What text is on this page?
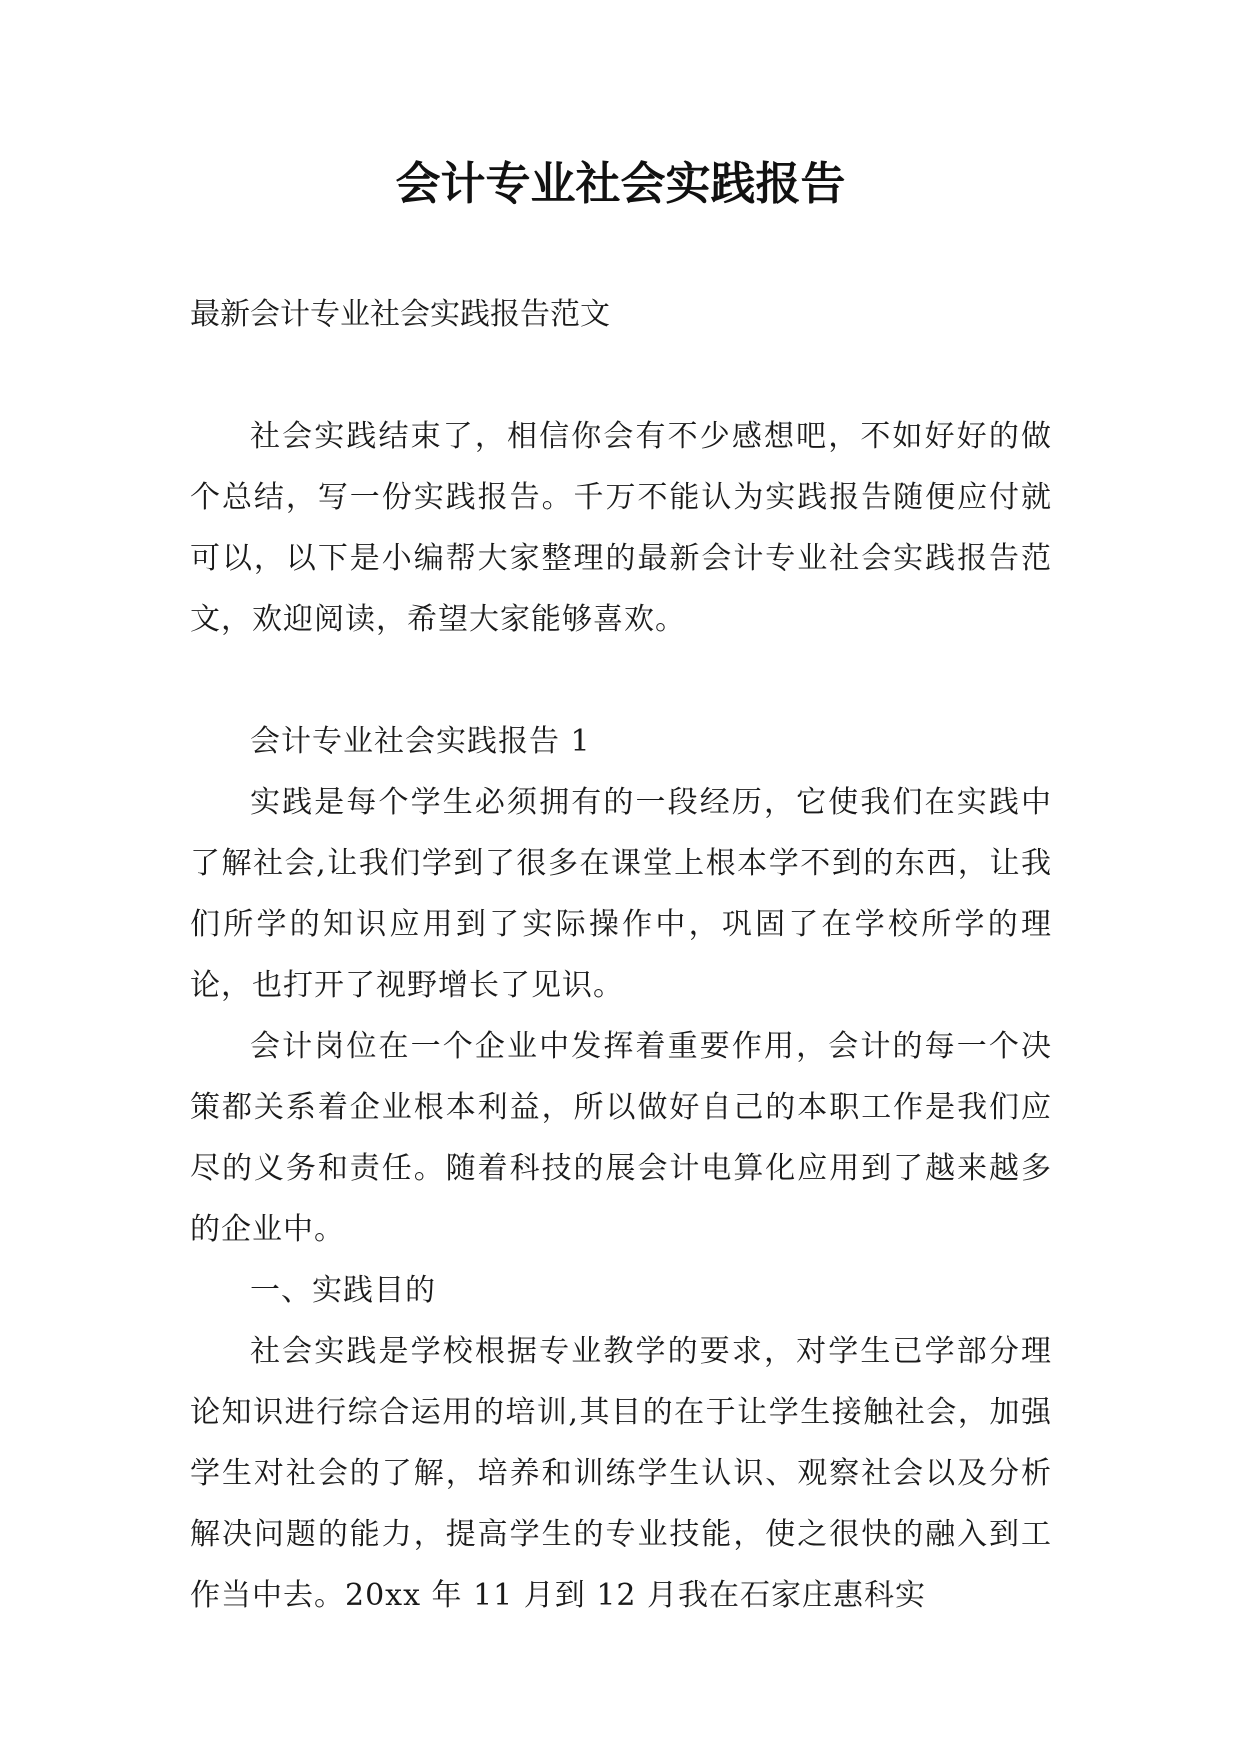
会计专业社会实践报告

最新会计专业社会实践报告范文

社会实践结束了，相信你会有不少感想吧，不如好好的做个总结，写一份实践报告。千万不能认为实践报告随便应付就可以，以下是小编帮大家整理的最新会计专业社会实践报告范文，欢迎阅读，希望大家能够喜欢。

会计专业社会实践报告 1

实践是每个学生必须拥有的一段经历，它使我们在实践中了解社会,让我们学到了很多在课堂上根本学不到的东西，让我们所学的知识应用到了实际操作中，巩固了在学校所学的理论，也打开了视野增长了见识。

会计岗位在一个企业中发挥着重要作用，会计的每一个决策都关系着企业根本利益，所以做好自己的本职工作是我们应尽的义务和责任。随着科技的展会计电算化应用到了越来越多的企业中。

一、实践目的

社会实践是学校根据专业教学的要求，对学生已学部分理论知识进行综合运用的培训,其目的在于让学生接触社会，加强学生对社会的了解，培养和训练学生认识、观察社会以及分析解决问题的能力，提高学生的专业技能，使之很快的融入到工作当中去。20xx 年 11 月到 12 月我在石家庄惠科实
